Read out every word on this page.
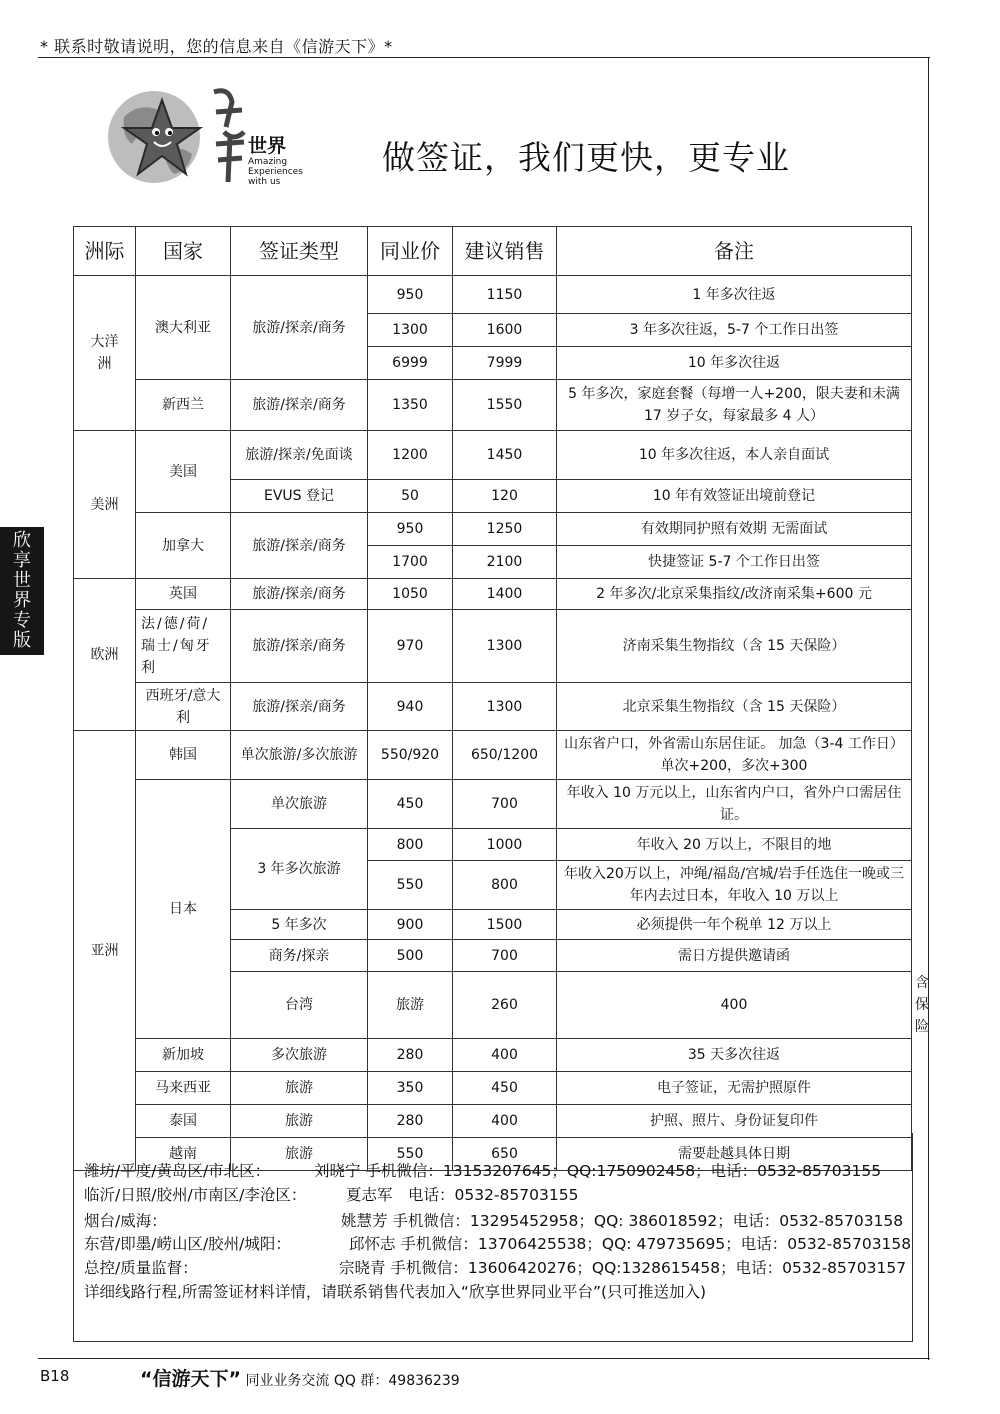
* 联系时敬请说明，您的信息来自《信游天下》*
世界
Amazing Experiences with us
做签证，我们更快，更专业
欣享世界专版
洲际	国家	签证类型	同业价	建议销售	备注	

大洋洲	澳大利亚	旅游/探亲/商务	950	1150	1 年多次往返	
			1300	1600	3 年多次往返，5-7 个工作日出签	
			6999	7999	10 年多次往返	
	新西兰	旅游/探亲/商务	1350	1550	5 年多次，家庭套餐（每增一人+200，限夫妻和未满 17 岁子女，每家最多 4 人）	
美洲	美国	旅游/探亲/免面谈	1200	1450	10 年多次往返，本人亲自面试	
		EVUS 登记	50	120	10 年有效签证出境前登记	
	加拿大	旅游/探亲/商务	950	1250	有效期同护照有效期 无需面试	
			1700	2100	快捷签证 5-7 个工作日出签	
欧洲	英国	旅游/探亲/商务	1050	1400	2 年多次/北京采集指纹/改济南采集+600 元	

	法/德/荷/瑞士/匈牙利	旅游/探亲/商务	970	1300	济南采集生物指纹（含 15 天保险）	

	西班牙/意大利	旅游/探亲/商务	940	1300	北京采集生物指纹（含 15 天保险）	
亚洲	韩国	单次旅游/多次旅游	550/920	650/1200	山东省户口，外省需山东居住证。 加急（3-4 工作日）单次+200，多次+300	
	日本	单次旅游	450	700	年收入 10 万元以上，山东省内户口，省外户口需居住证。	
		3 年多次旅游	800	1000	年收入 20 万以上，不限目的地	
			550	800	年收入20万以上，冲绳/福岛/宫城/岩手任选住一晚或三年内去过日本，年收入 10 万以上	
		5 年多次	900	1500	必须提供一年个税单 12 万以上	
		商务/探亲	500	700	需日方提供邀请函	
		台湾	旅游	260	400	含保险
	新加坡	多次旅游	280	400	35 天多次往返	
	马来西亚	旅游	350	450	电子签证，无需护照原件	
	泰国	旅游	280	400	护照、照片、身份证复印件	
	越南	旅游	550	650	需要赴越具体日期	
潍坊/平度/黄岛区/市北区：	刘晓宁 手机微信：13153207645；QQ:1750902458；电话：0532-85703155
临沂/日照/胶州/市南区/李沧区：	夏志军　电话：0532-85703155
烟台/威海：	姚慧芳 手机微信：13295452958；QQ: 386018592；电话：0532-85703158
东营/即墨/崂山区/胶州/城阳：	邱怀志 手机微信：13706425538；QQ: 479735695；电话：0532-85703158
总控/质量监督：	宗晓青 手机微信：13606420276；QQ:1328615458；电话：0532-85703157
详细线路行程,所需签证材料详情，请联系销售代表加入“欣享世界同业平台”(只可推送加入)
B18	“信游天下” 同业业务交流 QQ 群：49836239
